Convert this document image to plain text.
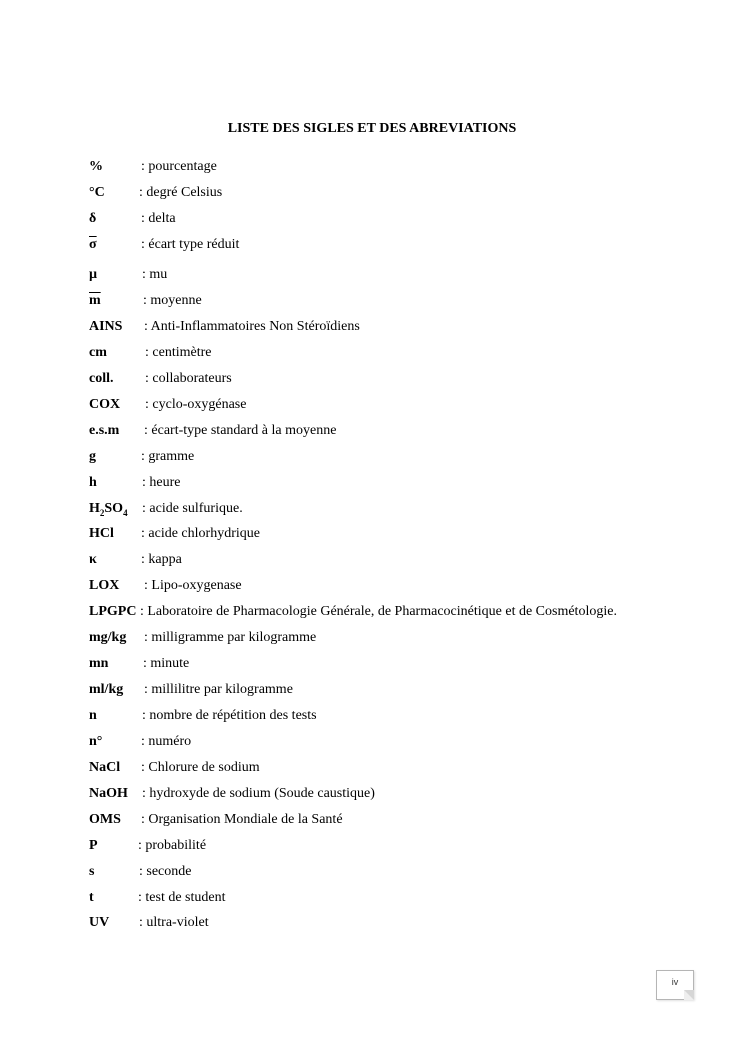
LISTE DES SIGLES ET DES ABREVIATIONS
%	: pourcentage
°C	: degré Celsius
δ	: delta
$\overline{\sigma}$	: écart type réduit
µ	: mu
$\overline{m}$	: moyenne
AINS	: Anti-Inflammatoires Non Stéroïdiens
cm	: centimètre
coll.	: collaborateurs
COX	: cyclo-oxygénase
e.s.m	: écart-type standard à la moyenne
g	: gramme
h	: heure
$H_2SO_4$	: acide sulfurique.
HCl	: acide chlorhydrique
κ	: kappa
LOX	: Lipo-oxygenase
LPGPC : Laboratoire de Pharmacologie Générale, de Pharmacocinétique et de Cosmétologie.
mg/kg	: milligramme par kilogramme
mn	: minute
ml/kg	: millilitre par kilogramme
n	: nombre de répétition des tests
n°	: numéro
NaCl	: Chlorure de sodium
NaOH	: hydroxyde de sodium (Soude caustique)
OMS	: Organisation Mondiale de la Santé
P	: probabilité
s	: seconde
t	: test de student
UV	: ultra-violet
iv
